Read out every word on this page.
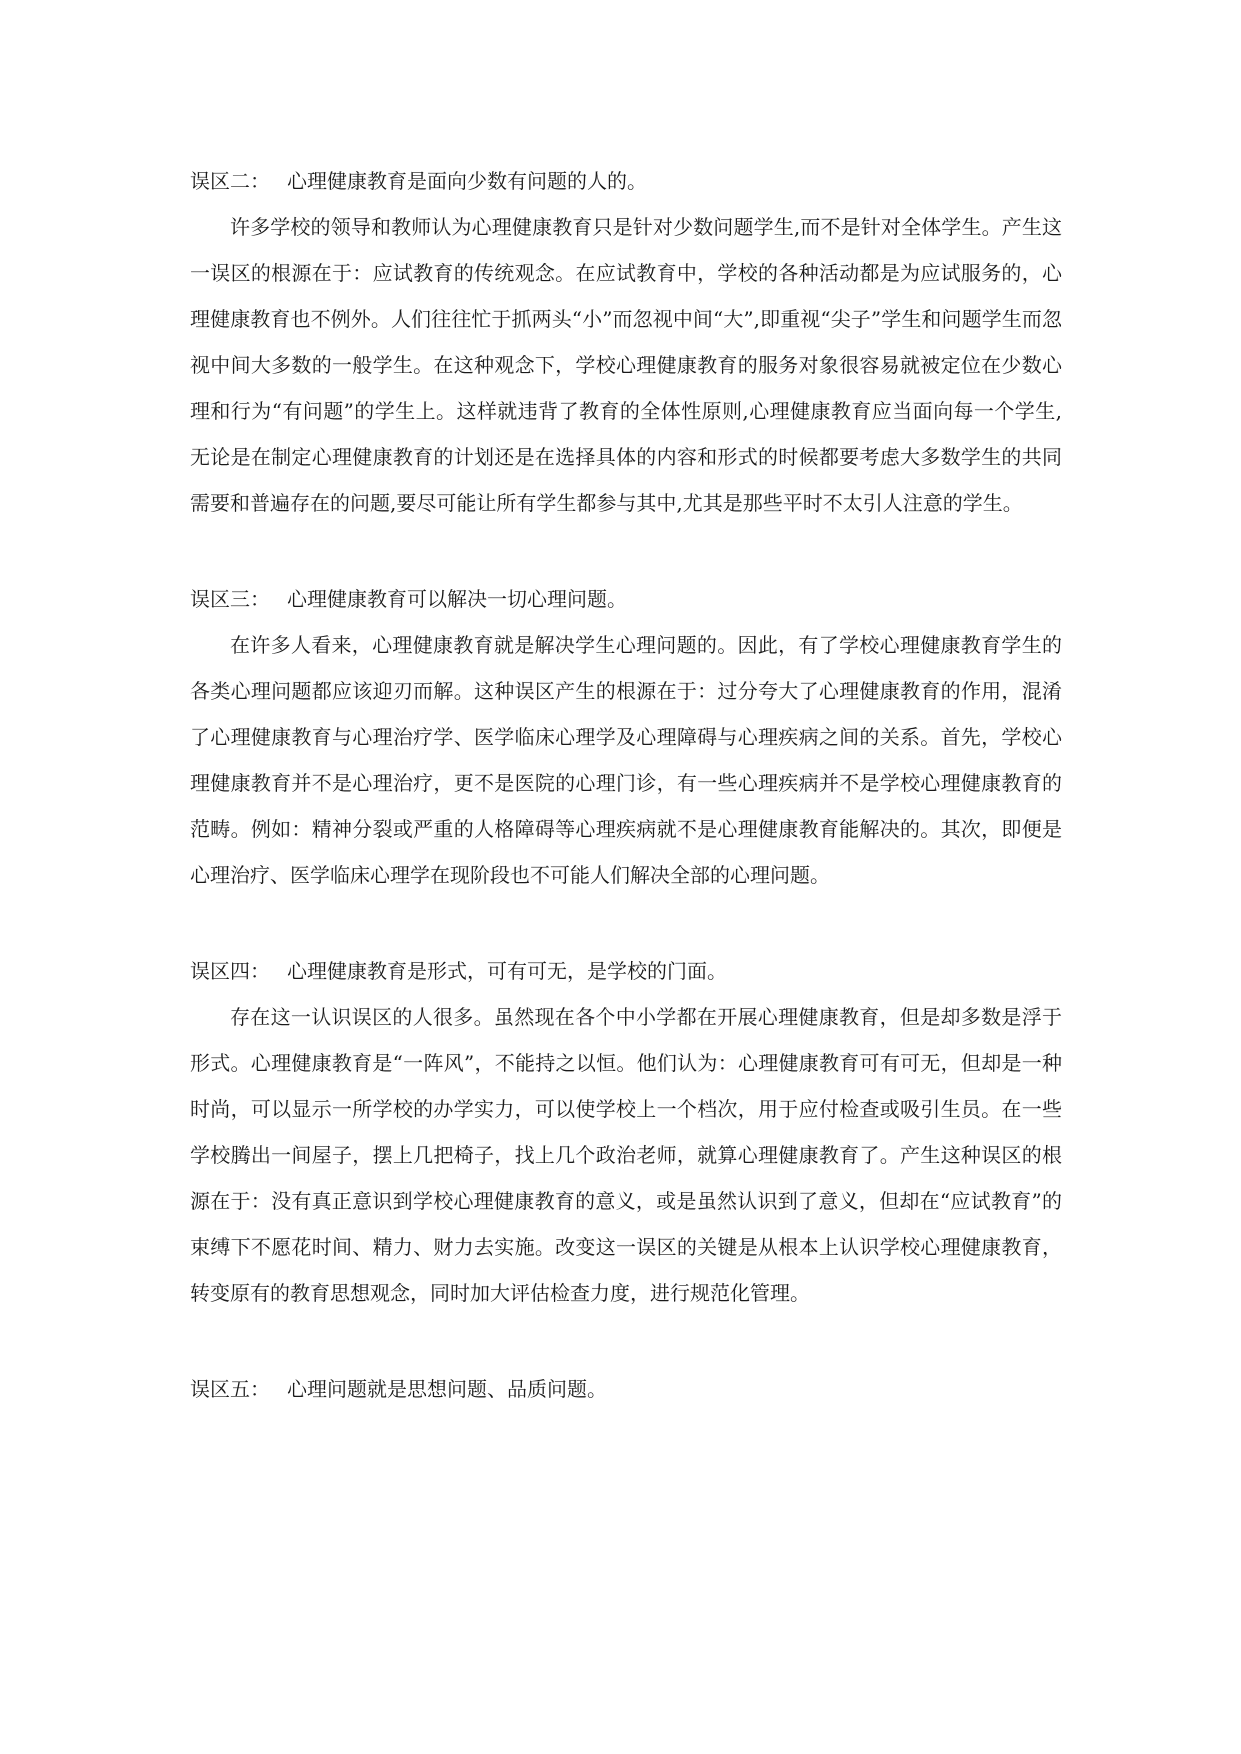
误区二： 心理健康教育是面向少数有问题的人的。

许多学校的领导和教师认为心理健康教育只是针对少数问题学生,而不是针对全体学生。产生这一误区的根源在于：应试教育的传统观念。在应试教育中，学校的各种活动都是为应试服务的，心理健康教育也不例外。人们往往忙于抓两头“小”而忽视中间“大”,即重视“尖子”学生和问题学生而忽视中间大多数的一般学生。在这种观念下，学校心理健康教育的服务对象很容易就被定位在少数心理和行为“有问题”的学生上。这样就违背了教育的全体性原则,心理健康教育应当面向每一个学生,无论是在制定心理健康教育的计划还是在选择具体的内容和形式的时候都要考虑大多数学生的共同需要和普遍存在的问题,要尽可能让所有学生都参与其中,尤其是那些平时不太引人注意的学生。

误区三： 心理健康教育可以解决一切心理问题。

在许多人看来，心理健康教育就是解决学生心理问题的。因此，有了学校心理健康教育学生的各类心理问题都应该迎刃而解。这种误区产生的根源在于：过分夸大了心理健康教育的作用，混淆了心理健康教育与心理治疗学、医学临床心理学及心理障碍与心理疾病之间的关系。首先，学校心理健康教育并不是心理治疗，更不是医院的心理门诊，有一些心理疾病并不是学校心理健康教育的范畴。例如：精神分裂或严重的人格障碍等心理疾病就不是心理健康教育能解决的。其次，即便是心理治疗、医学临床心理学在现阶段也不可能人们解决全部的心理问题。

误区四： 心理健康教育是形式，可有可无，是学校的门面。

存在这一认识误区的人很多。虽然现在各个中小学都在开展心理健康教育，但是却多数是浮于形式。心理健康教育是“一阵风”，不能持之以恒。他们认为：心理健康教育可有可无，但却是一种时尚，可以显示一所学校的办学实力，可以使学校上一个档次，用于应付检查或吸引生员。在一些学校腾出一间屋子，摆上几把椅子，找上几个政治老师，就算心理健康教育了。产生这种误区的根源在于：没有真正意识到学校心理健康教育的意义，或是虽然认识到了意义，但却在“应试教育”的束缚下不愿花时间、精力、财力去实施。改变这一误区的关键是从根本上认识学校心理健康教育，转变原有的教育思想观念，同时加大评估检查力度，进行规范化管理。

误区五： 心理问题就是思想问题、品质问题。
